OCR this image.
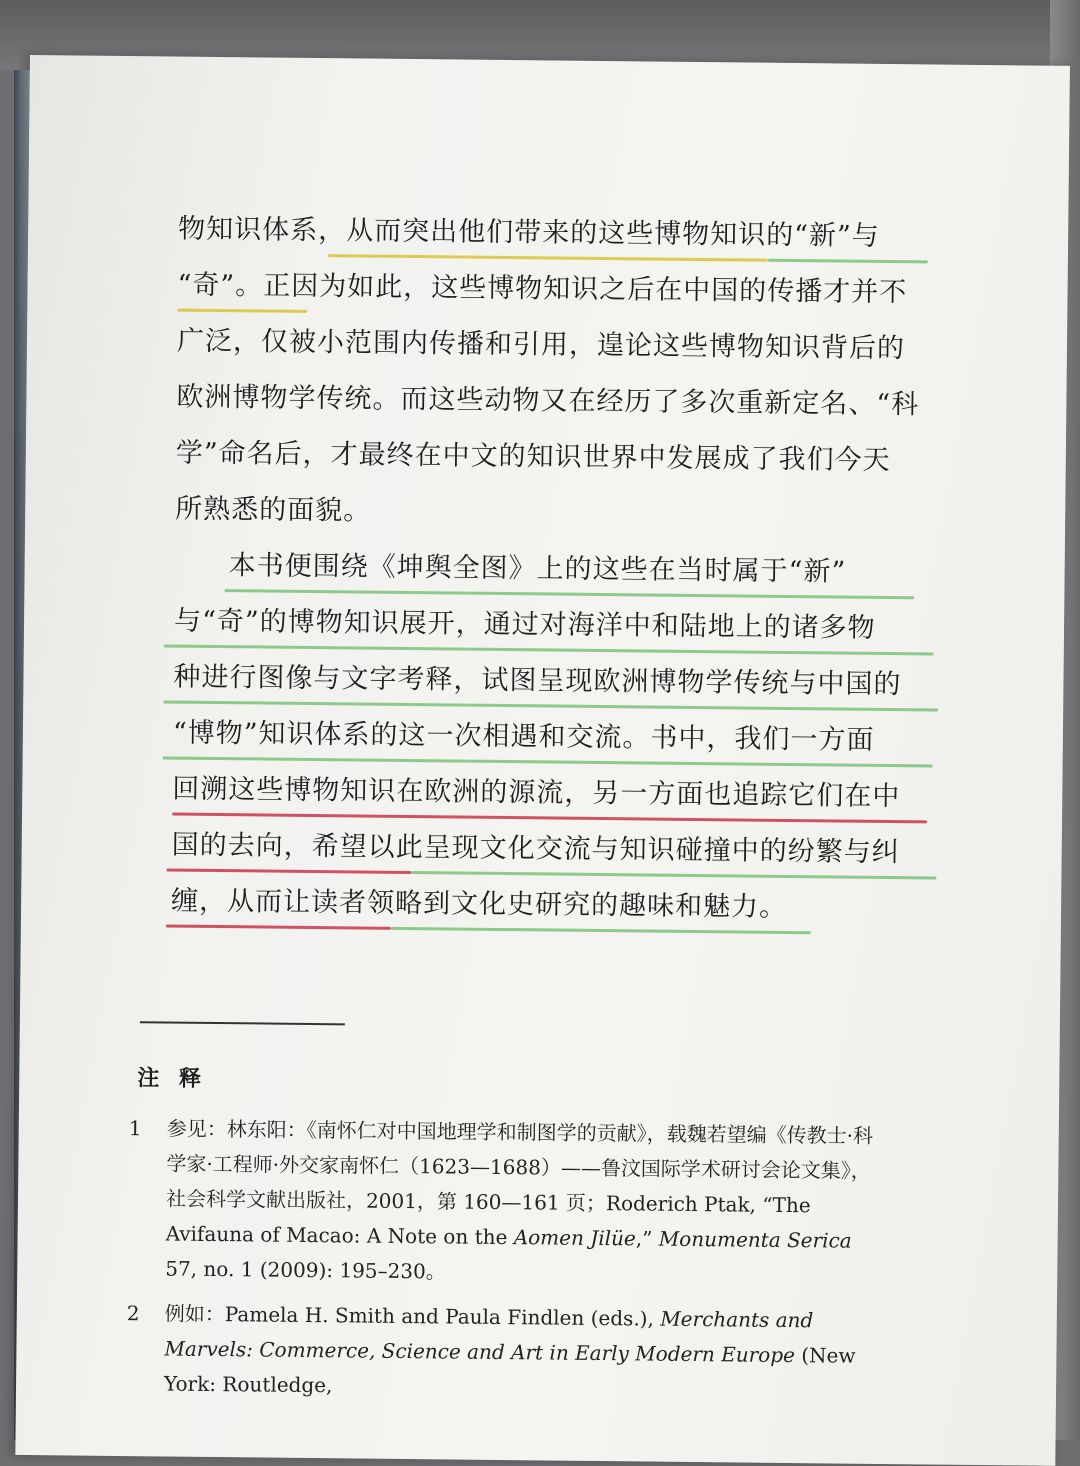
物知识体系，从而突出他们带来的这些博物知识的“新”与
“奇”。正因为如此，这些博物知识之后在中国的传播才并不
广泛，仅被小范围内传播和引用，遑论这些博物知识背后的
欧洲博物学传统。而这些动物又在经历了多次重新定名、“科
学”命名后，才最终在中文的知识世界中发展成了我们今天
所熟悉的面貌。
本书便围绕《坤舆全图》上的这些在当时属于“新”
与“奇”的博物知识展开，通过对海洋中和陆地上的诸多物
种进行图像与文字考释，试图呈现欧洲博物学传统与中国的
“博物”知识体系的这一次相遇和交流。书中，我们一方面
回溯这些博物知识在欧洲的源流，另一方面也追踪它们在中
国的去向，希望以此呈现文化交流与知识碰撞中的纷繁与纠
缠，从而让读者领略到文化史研究的趣味和魅力。
注 释
1	参见：林东阳：《南怀仁对中国地理学和制图学的贡献》，载魏若望编《传教士·科学家·工程师·外交家南怀仁（1623—1688）——鲁汶国际学术研讨会论文集》，社会科学文献出版社，2001，第 160—161 页；Roderich Ptak, “The Avifauna of Macao: A Note on the Aomen Jilüe,” Monumenta Serica 57, no. 1 (2009): 195–230。
2	例如：Pamela H. Smith and Paula Findlen (eds.), Merchants and Marvels: Commerce, Science and Art in Early Modern Europe (New York: Routledge,
